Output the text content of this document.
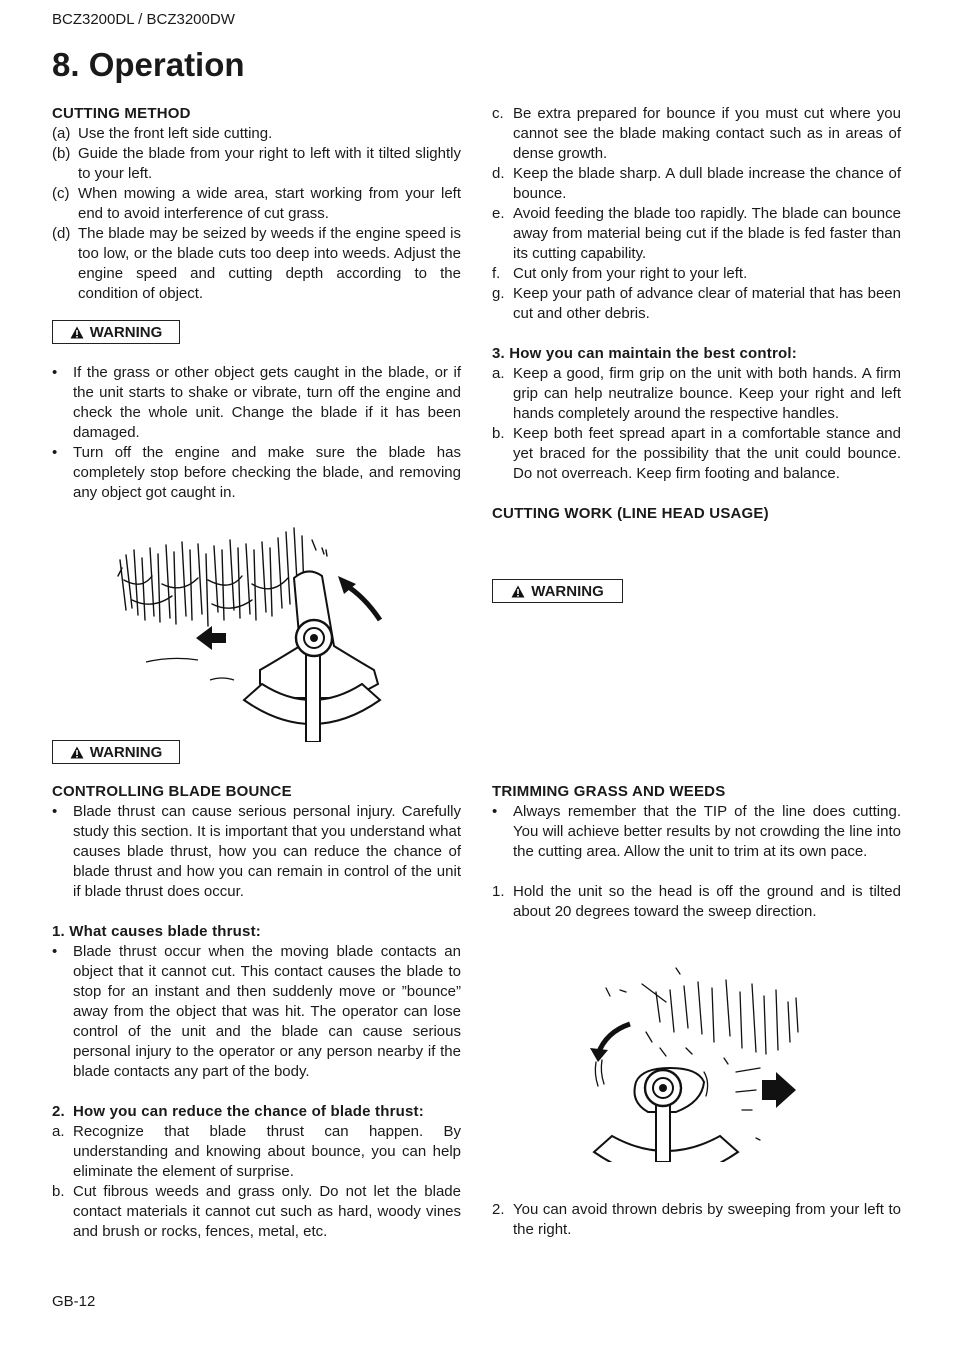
BCZ3200DL / BCZ3200DW
8. Operation
CUTTING METHOD
(a) Use the front left side cutting.
(b) Guide the blade from your right to left with it tilted slightly to your left.
(c) When mowing a wide area, start working from your left end to avoid interference of cut grass.
(d) The blade may be seized by weeds if the engine speed is too low, or the blade cuts too deep into weeds. Adjust the engine speed and cutting depth according to the condition of object.
WARNING
•	If the grass or other object gets caught in the blade, or if the unit starts to shake or vibrate, turn off the engine and check the whole unit. Change the blade if it has been damaged.
•	Turn off the engine and make sure the blade has completely stop before checking the blade, and removing any object got caught in.
WARNING
CONTROLLING BLADE BOUNCE
•	Blade thrust can cause serious personal injury. Carefully study this section. It is important that you understand what causes blade thrust, how you can reduce the chance of blade thrust and how you can remain in control of the unit if blade thrust does occur.
1. What causes blade thrust:
•	Blade thrust occur when the moving blade contacts an object that it cannot cut. This contact causes the blade to stop for an instant and then suddenly move or ”bounce” away from the object that was hit. The operator can lose control of the unit and the blade can cause serious personal injury to the operator or any person nearby if the blade contacts any part of the body.
2. How you can reduce the chance of blade thrust:
a. Recognize that blade thrust can happen. By understanding and knowing about bounce, you can help eliminate the element of surprise.
b. Cut fibrous weeds and grass only. Do not let the blade contact materials it cannot cut such as hard, woody vines and brush or rocks, fences, metal, etc.
c. Be extra prepared for bounce if you must cut where you cannot see the blade making contact such as in areas of dense growth.
d. Keep the blade sharp. A dull blade increase the chance of bounce.
e. Avoid feeding the blade too rapidly. The blade can bounce away from material being cut if the blade is fed faster than its cutting capability.
f. Cut only from your right to your left.
g. Keep your path of advance clear of material that has been cut and other debris.
3. How you can maintain the best control:
a. Keep a good, firm grip on the unit with both hands. A firm grip can help neutralize bounce. Keep your right and left hands completely around the respective handles.
b. Keep both feet spread apart in a comfortable stance and yet braced for the possibility that the unit could bounce. Do not overreach. Keep firm footing and balance.
CUTTING WORK (LINE HEAD USAGE)
WARNING
TRIMMING GRASS AND WEEDS
•	Always remember that the TIP of the line does cutting. You will achieve better results by not crowding the line into the cutting area. Allow the unit to trim at its own pace.
1. Hold the unit so the head is off the ground and is tilted about 20 degrees toward the sweep direction.
2. You can avoid thrown debris by sweeping from your left to the right.
GB-12
